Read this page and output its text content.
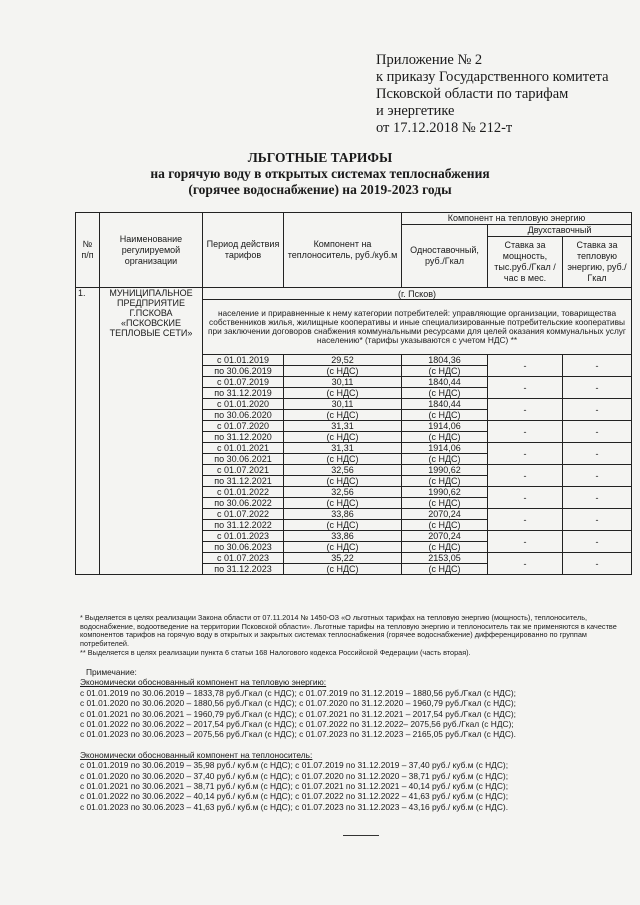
Приложение № 2
к приказу Государственного комитета
Псковской области по тарифам
и энергетике
от 17.12.2018 № 212-т
ЛЬГОТНЫЕ ТАРИФЫ
на горячую воду в открытых системах теплоснабжения
(горячее водоснабжение) на 2019-2023 годы
№ п/п	Наименование регулируемой организации	Период действия тарифов	Компонент на теплоноситель, руб./куб.м	Компонент на тепловую энергию		
				Одноставочный, руб./Гкал	Двухставочный	
					Ставка за мощность, тыс.руб./Гкал /час в мес.	Ставка за тепловую энергию, руб./Гкал
1.	МУНИЦИПАЛЬНОЕ ПРЕДПРИЯТИЕ Г.ПСКОВА «ПСКОВСКИЕ ТЕПЛОВЫЕ СЕТИ»	(г. Псков)				
		население и приравненные к нему категории потребителей: управляющие организации, товарищества собственников жилья, жилищные кооперативы и иные специализированные потребительские кооперативы при заключении договоров снабжения коммунальными ресурсами для целей оказания коммунальных услуг населению* (тарифы указываются с учетом НДС) **				
		с 01.01.2019	29,52	1804,36	-	-
		по 30.06.2019	(с НДС)	(с НДС)		
		с 01.07.2019	30,11	1840,44	-	-
		по 31.12.2019	(с НДС)	(с НДС)		
		с 01.01.2020	30,11	1840,44	-	-
		по 30.06.2020	(с НДС)	(с НДС)		
		с 01.07.2020	31,31	1914,06	-	-
		по 31.12.2020	(с НДС)	(с НДС)		
		с 01.01.2021	31,31	1914,06	-	-
		по 30.06.2021	(с НДС)	(с НДС)		
		с 01.07.2021	32,56	1990,62	-	-
		по 31.12.2021	(с НДС)	(с НДС)		
		с 01.01.2022	32,56	1990,62	-	-
		по 30.06.2022	(с НДС)	(с НДС)		
		с 01.07.2022	33,86	2070,24	-	-
		по 31.12.2022	(с НДС)	(с НДС)		
		с 01.01.2023	33,86	2070,24	-	-
		по 30.06.2023	(с НДС)	(с НДС)		
		с 01.07.2023	35,22	2153,05	-	-
		по 31.12.2023	(с НДС)	(с НДС)		
* Выделяется в целях реализации Закона области от 07.11.2014 № 1450-ОЗ «О льготных тарифах на тепловую энергию (мощность), теплоноситель, водоснабжение, водоотведение на территории Псковской области». Льготные тарифы на тепловую энергию и теплоноситель так же применяются в качестве компонентов тарифов на горячую воду в открытых и закрытых системах теплоснабжения (горячее водоснабжение) дифференцированно по группам потребителей.
** Выделяется в целях реализации пункта 6 статьи 168 Налогового кодекса Российской Федерации (часть вторая).
Примечание:
Экономически обоснованный компонент на тепловую энергию:
с 01.01.2019 по 30.06.2019 – 1833,78 руб./Гкал (с НДС); с 01.07.2019 по 31.12.2019 – 1880,56 руб./Гкал (с НДС);
с 01.01.2020 по 30.06.2020 – 1880,56 руб./Гкал (с НДС); с 01.07.2020 по 31.12.2020 – 1960,79 руб./Гкал (с НДС);
с 01.01.2021 по 30.06.2021 – 1960,79 руб./Гкал (с НДС); с 01.07.2021 по 31.12.2021 – 2017,54 руб./Гкал (с НДС);
с 01.01.2022 по 30.06.2022 – 2017,54 руб./Гкал (с НДС); с 01.07.2022 по 31.12.2022– 2075,56 руб./Гкал (с НДС);
с 01.01.2023 по 30.06.2023 – 2075,56 руб./Гкал (с НДС); с 01.07.2023 по 31.12.2023 – 2165,05 руб./Гкал (с НДС).
Экономически обоснованный компонент на теплоноситель:
с 01.01.2019 по 30.06.2019 – 35,98 руб./ куб.м (с НДС); с 01.07.2019 по 31.12.2019 – 37,40 руб./ куб.м (с НДС);
с 01.01.2020 по 30.06.2020 – 37,40 руб./ куб.м (с НДС); с 01.07.2020 по 31.12.2020 – 38,71 руб./ куб.м (с НДС);
с 01.01.2021 по 30.06.2021 – 38,71 руб./ куб.м (с НДС); с 01.07.2021 по 31.12.2021 – 40,14 руб./ куб.м (с НДС);
с 01.01.2022 по 30.06.2022 – 40,14 руб./ куб.м (с НДС); с 01.07.2022 по 31.12.2022 – 41,63 руб./ куб.м (с НДС);
с 01.01.2023 по 30.06.2023 – 41,63 руб./ куб.м (с НДС); с 01.07.2023 по 31.12.2023 – 43,16 руб./ куб.м (с НДС).
